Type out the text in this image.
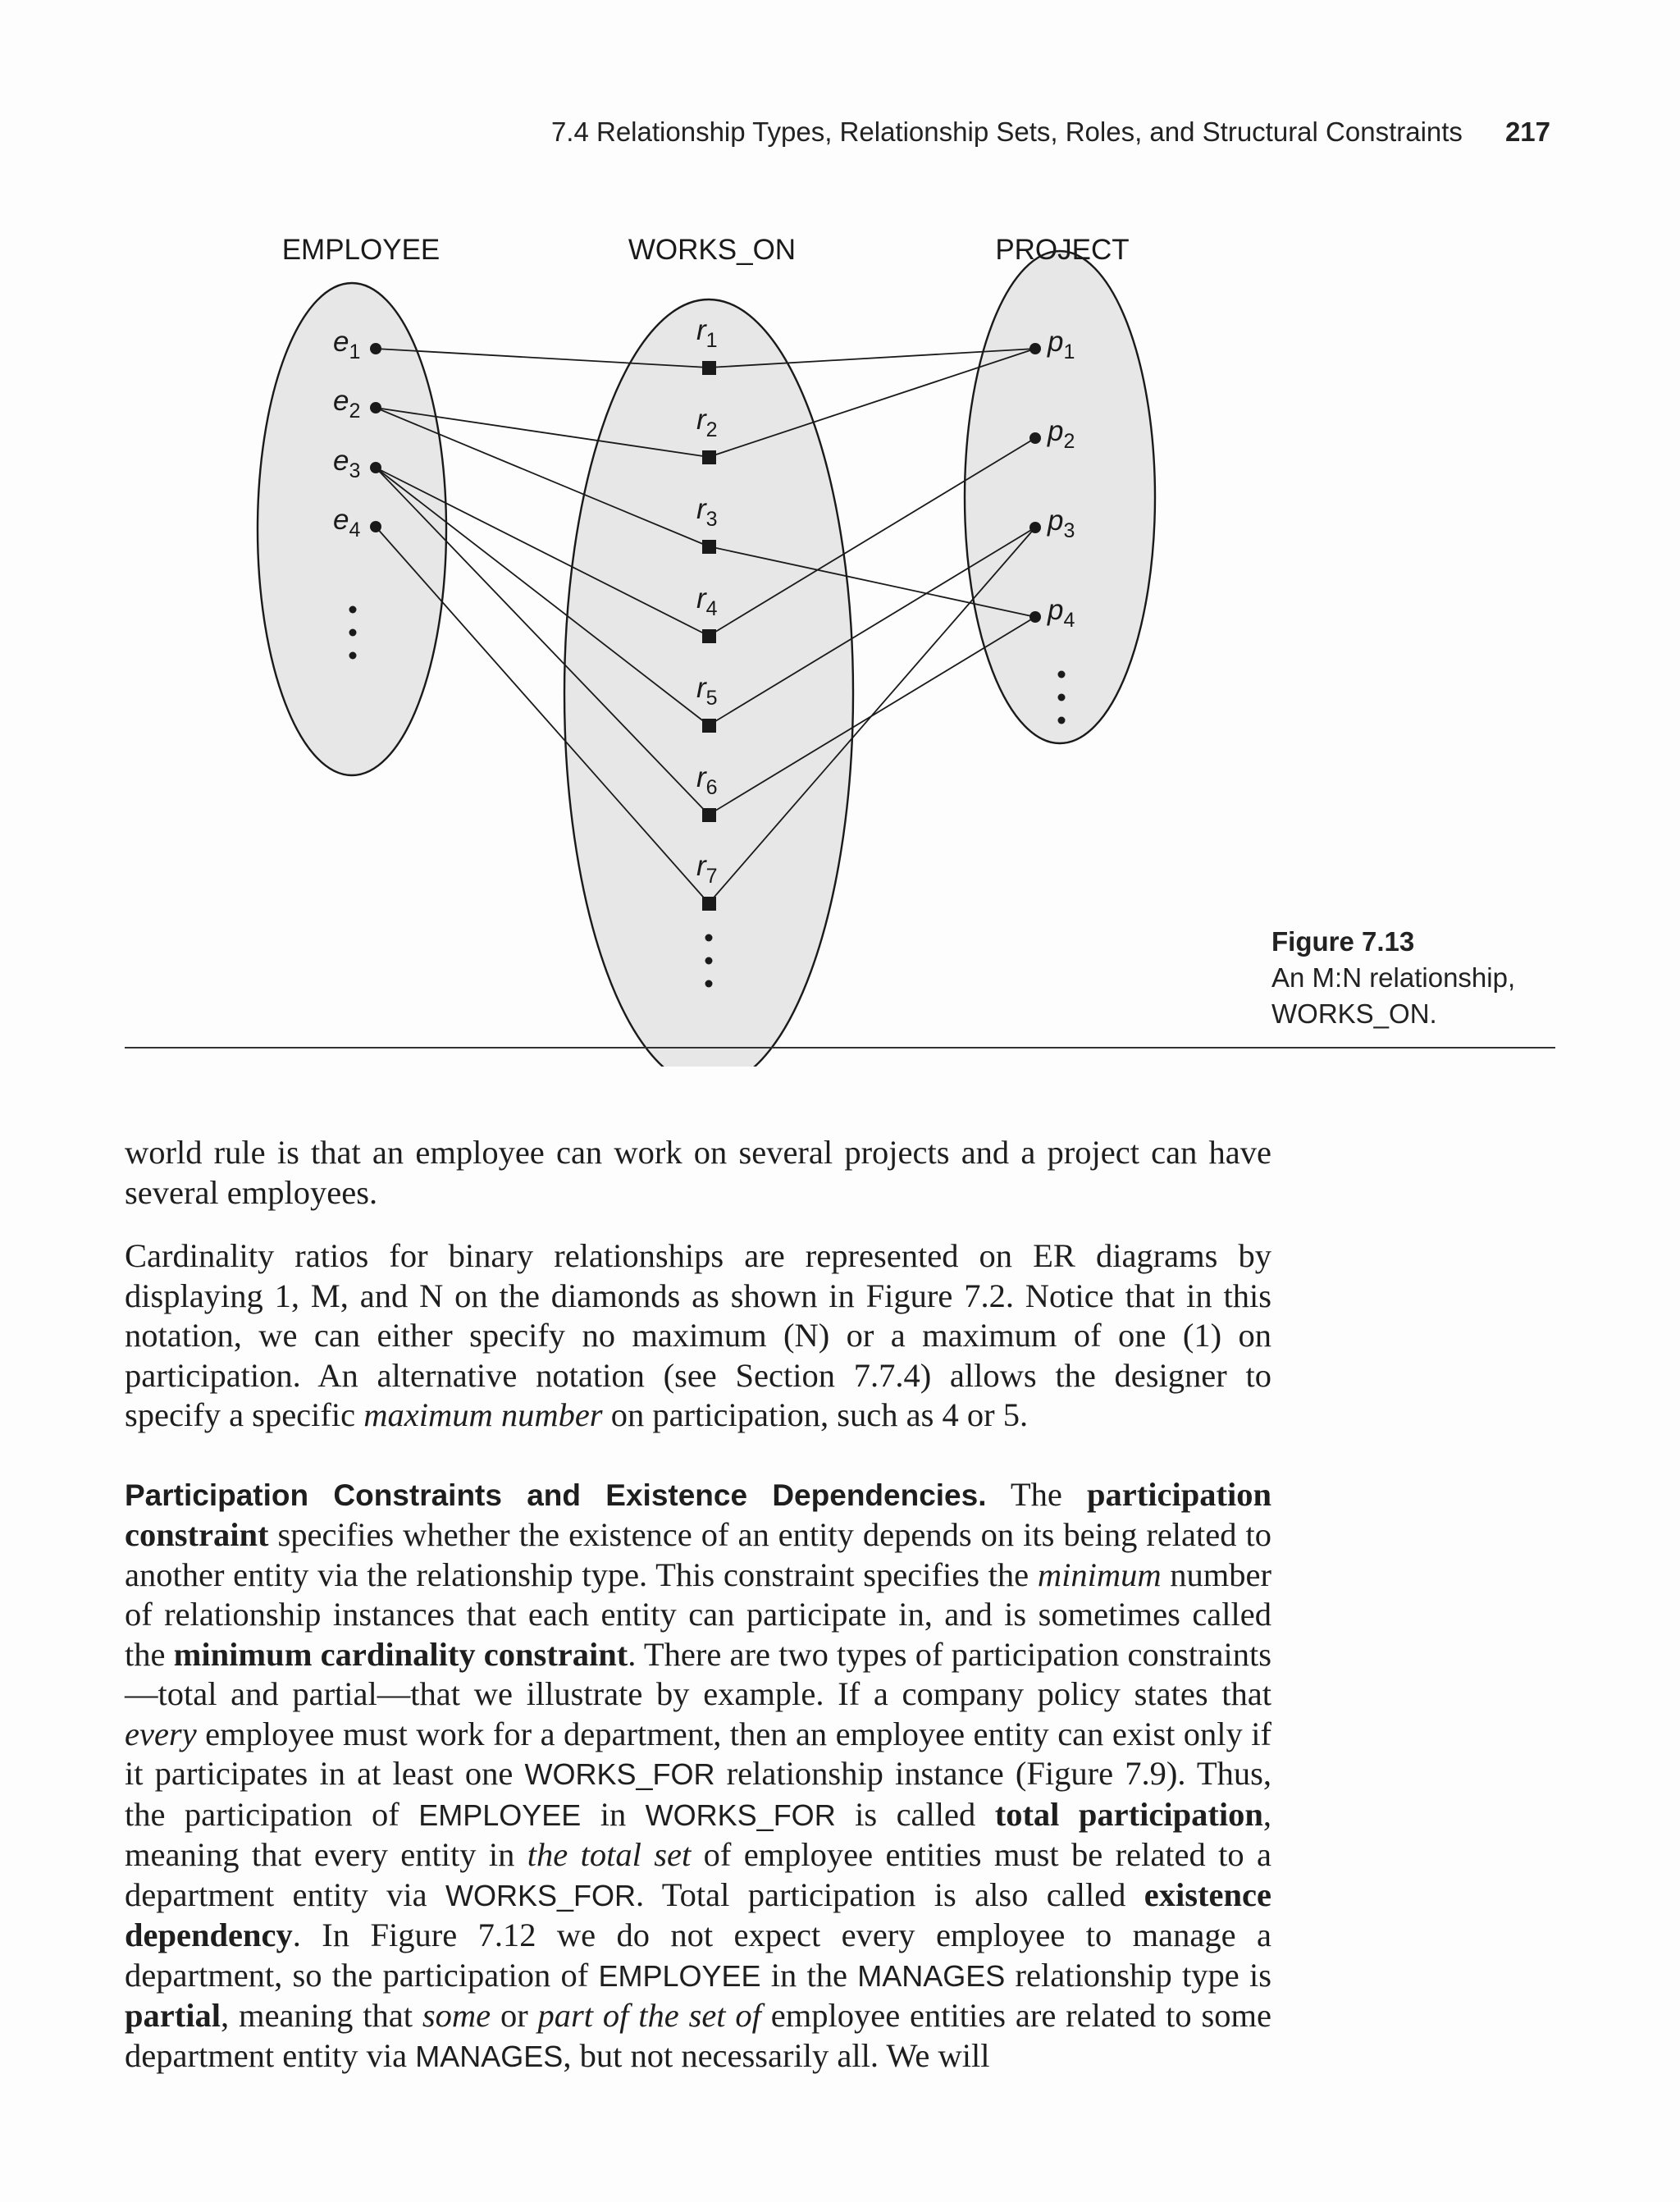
7.4 Relationship Types, Relationship Sets, Roles, and Structural Constraints 217
EMPLOYEE	WORKS_ON	PROJECT
$e_1$
$e_2$
$e_3$
$e_4$
$r_1$
$r_2$
$r_3$
$r_4$
$r_5$
$r_6$
$r_7$
$p_1$
$p_2$
$p_3$
$p_4$
Figure 7.13
An M:N relationship, WORKS_ON.

world rule is that an employee can work on several projects and a project can have several employees.

Cardinality ratios for binary relationships are represented on ER diagrams by displaying 1, M, and N on the diamonds as shown in Figure 7.2. Notice that in this notation, we can either specify no maximum (N) or a maximum of one (1) on participation. An alternative notation (see Section 7.7.4) allows the designer to specify a specific maximum number on participation, such as 4 or 5.

Participation Constraints and Existence Dependencies. The participation constraint specifies whether the existence of an entity depends on its being related to another entity via the relationship type. This constraint specifies the minimum number of relationship instances that each entity can participate in, and is sometimes called the minimum cardinality constraint. There are two types of participation constraints—total and partial—that we illustrate by example. If a company policy states that every employee must work for a department, then an employee entity can exist only if it participates in at least one WORKS_FOR relationship instance (Figure 7.9). Thus, the participation of EMPLOYEE in WORKS_FOR is called total participation, meaning that every entity in the total set of employee entities must be related to a department entity via WORKS_FOR. Total participation is also called existence dependency. In Figure 7.12 we do not expect every employee to manage a department, so the participation of EMPLOYEE in the MANAGES relationship type is partial, meaning that some or part of the set of employee entities are related to some department entity via MANAGES, but not necessarily all. We will
